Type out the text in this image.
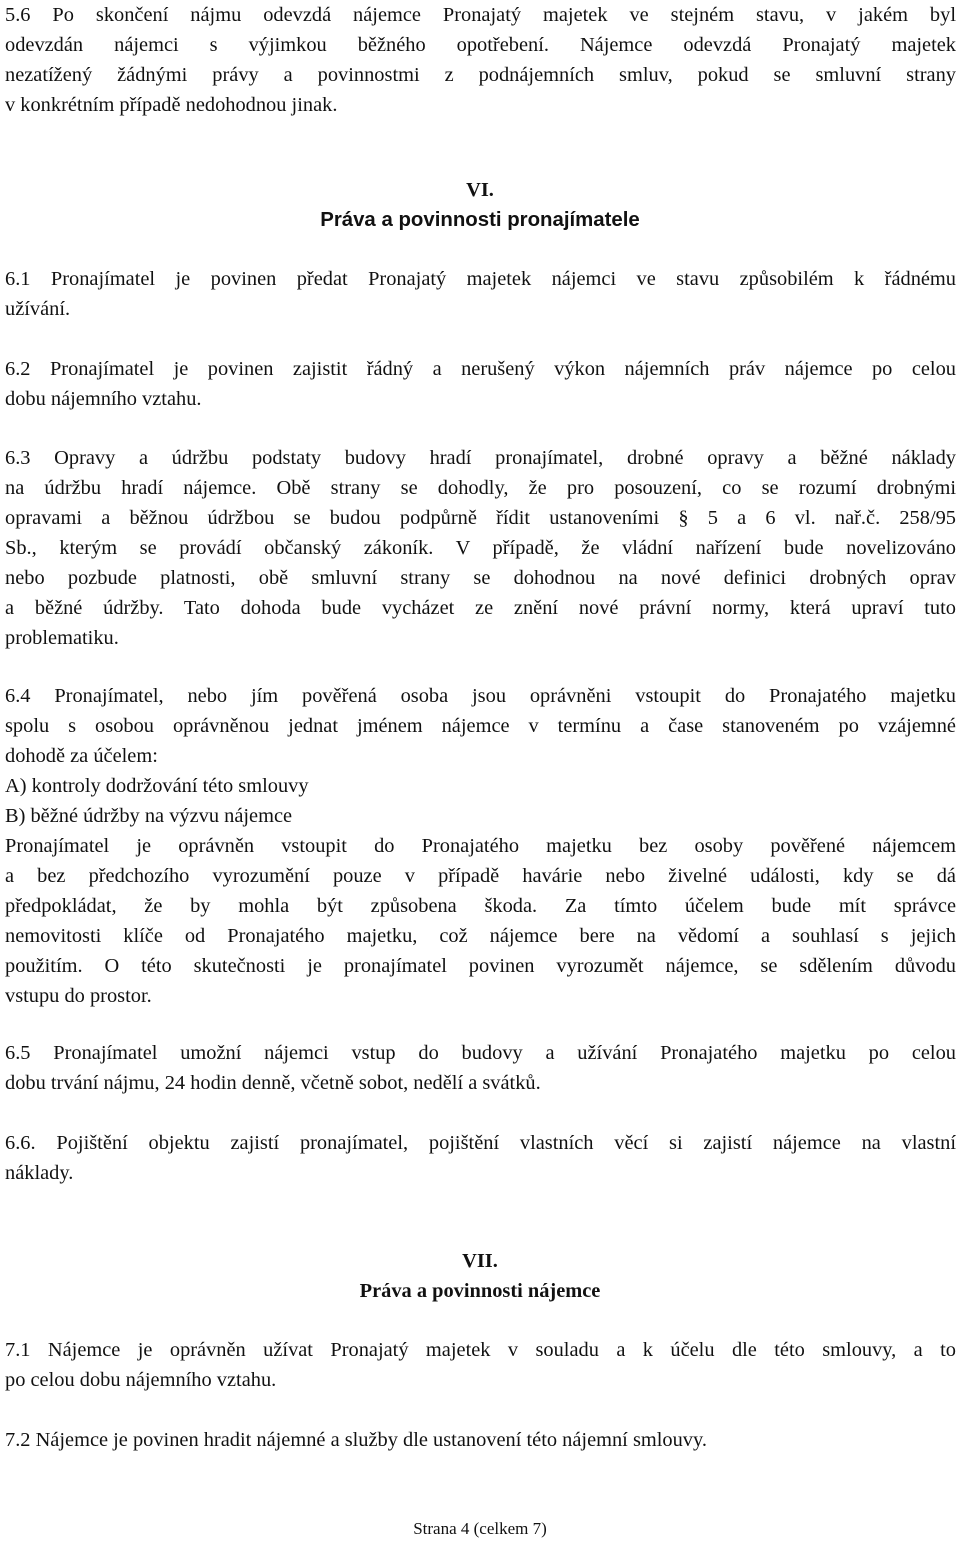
5.6 Po skončení nájmu odevzdá nájemce Pronajatý majetek ve stejném stavu, v jakém byl
odevzdán nájemci s výjimkou běžného opotřebení. Nájemce odevzdá Pronajatý majetek
nezatížený žádnými právy a povinnostmi z podnájemních smluv, pokud se smluvní strany
v konkrétním případě nedohodnou jinak.
VI.
Práva a povinnosti pronajímatele
6.1 Pronajímatel je povinen předat Pronajatý majetek nájemci ve stavu způsobilém k řádnému
užívání.
6.2 Pronajímatel je povinen zajistit řádný a nerušený výkon nájemních práv nájemce po celou
dobu nájemního vztahu.
6.3 Opravy a údržbu podstaty budovy hradí pronajímatel, drobné opravy a běžné náklady
na údržbu hradí nájemce. Obě strany se dohodly, že pro posouzení, co se rozumí drobnými
opravami a běžnou údržbou se budou podpůrně řídit ustanoveními § 5 a 6 vl. nař.č. 258/95
Sb., kterým se provádí občanský zákoník. V případě, že vládní nařízení bude novelizováno
nebo pozbude platnosti, obě smluvní strany se dohodnou na nové definici drobných oprav
a běžné údržby. Tato dohoda bude vycházet ze znění nové právní normy, která upraví tuto
problematiku.
6.4 Pronajímatel, nebo jím pověřená osoba jsou oprávněni vstoupit do Pronajatého majetku
spolu s osobou oprávněnou jednat jménem nájemce v termínu a čase stanoveném po vzájemné
dohodě za účelem:
A) kontroly dodržování této smlouvy
B) běžné údržby na výzvu nájemce
Pronajímatel je oprávněn vstoupit do Pronajatého majetku bez osoby pověřené nájemcem
a bez předchozího vyrozumění pouze v případě havárie nebo živelné události, kdy se dá
předpokládat, že by mohla být způsobena škoda. Za tímto účelem bude mít správce
nemovitosti klíče od Pronajatého majetku, což nájemce bere na vědomí a souhlasí s jejich
použitím. O této skutečnosti je pronajímatel povinen vyrozumět nájemce, se sdělením důvodu
vstupu do prostor.
6.5 Pronajímatel umožní nájemci vstup do budovy a užívání Pronajatého majetku po celou
dobu trvání nájmu, 24 hodin denně, včetně sobot, nedělí a svátků.
6.6. Pojištění objektu zajistí pronajímatel, pojištění vlastních věcí si zajistí nájemce na vlastní
náklady.
VII.
Práva a povinnosti nájemce
7.1 Nájemce je oprávněn užívat Pronajatý majetek v souladu a k účelu dle této smlouvy, a to
po celou dobu nájemního vztahu.
7.2 Nájemce je povinen hradit nájemné a služby dle ustanovení této nájemní smlouvy.
Strana 4 (celkem 7)
